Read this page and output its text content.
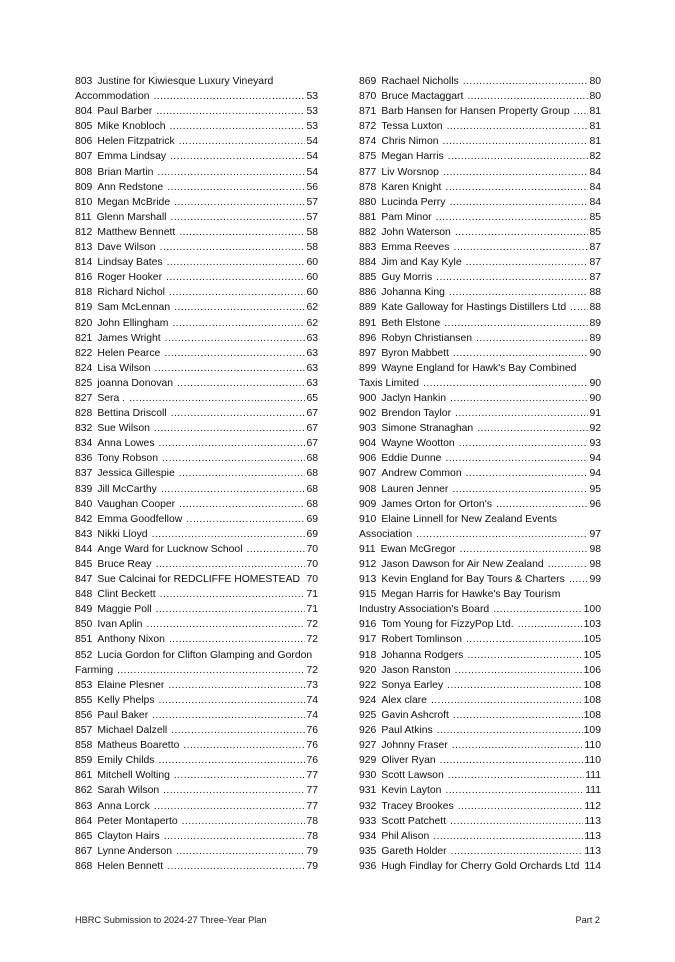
803 Justine for Kiwiesque Luxury Vineyard
Accommodation .....	53
804 Paul Barber .....	53
805 Mike Knobloch .....	53
806 Helen Fitzpatrick .....	54
807 Emma Lindsay .....	54
808 Brian Martin .....	54
809 Ann Redstone .....	56
810 Megan McBride .....	57
811 Glenn Marshall .....	57
812 Matthew Bennett .....	58
813 Dave Wilson .....	58
814 Lindsay Bates .....	60
816 Roger Hooker .....	60
818 Richard Nichol .....	60
819 Sam McLennan .....	62
820 John Ellingham .....	62
821 James Wright .....	63
822 Helen Pearce .....	63
824 Lisa Wilson .....	63
825 joanna Donovan .....	63
827 Sera . .....	65
828 Bettina Driscoll .....	67
832 Sue Wilson .....	67
834 Anna Lowes .....	67
836 Tony Robson .....	68
837 Jessica Gillespie .....	68
839 Jill McCarthy .....	68
840 Vaughan Cooper .....	68
842 Emma Goodfellow .....	69
843 Nikki Lloyd .....	69
844 Ange Ward for Lucknow School .....	70
845 Bruce Reay .....	70
847 Sue Calcinai for REDCLIFFE HOMESTEAD ..... 70
848 Clint Beckett .....	71
849 Maggie Poll .....	71
850 Ivan Aplin .....	72
851 Anthony Nixon .....	72
852 Lucia Gordon for Clifton Glamping and Gordon
Farming .....	72
853 Elaine Plesner .....	73
855 Kelly Phelps .....	74
856 Paul Baker .....	74
857 Michael Dalzell .....	76
858 Matheus Boaretto .....	76
859 Emily Childs .....	76
861 Mitchell Wolting .....	77
862 Sarah Wilson .....	77
863 Anna Lorck .....	77
864 Peter Montaperto .....	78
865 Clayton Hairs .....	78
867 Lynne Anderson .....	79
868 Helen Bennett .....	79
869 Rachael Nicholls .....	80
870 Bruce Mactaggart .....	80
871 Barb Hansen for Hansen Property Group ..... 81
872 Tessa Luxton .....	81
874 Chris Nimon .....	81
875 Megan Harris .....	82
877 Liv Worsnop .....	84
878 Karen Knight .....	84
880 Lucinda Perry .....	84
881 Pam Minor .....	85
882 John Waterson .....	85
883 Emma Reeves .....	87
884 Jim and Kay Kyle .....	87
885 Guy Morris .....	87
886 Johanna King .....	88
889 Kate Galloway for Hastings Distillers Ltd ..... 88
891 Beth Elstone .....	89
896 Robyn Christiansen .....	89
897 Byron Mabbett .....	90
899 Wayne England for Hawk's Bay Combined
Taxis Limited .....	90
900 Jaclyn Hankin .....	90
902 Brendon Taylor .....	91
903 Simone Stranaghan .....	92
904 Wayne Wootton .....	93
906 Eddie Dunne .....	94
907 Andrew Common .....	94
908 Lauren Jenner .....	95
909 James Orton for Orton's .....	96
910 Elaine Linnell for New Zealand Events
Association .....	97
911 Ewan McGregor .....	98
912 Jason Dawson for Air New Zealand .....	98
913 Kevin England for Bay Tours & Charters ..... 99
915 Megan Harris for Hawke's Bay Tourism
Industry Association's Board .....	100
916 Tom Young for FizzyPop Ltd. .....	103
917 Robert Tomlinson .....	105
918 Johanna Rodgers .....	105
920 Jason Ranston .....	106
922 Sonya Earley .....	108
924 Alex clare .....	108
925 Gavin Ashcroft .....	108
926 Paul Atkins .....	109
927 Johnny Fraser .....	110
929 Oliver Ryan .....	110
930 Scott Lawson .....	111
931 Kevin Layton .....	111
932 Tracey Brookes .....	112
933 Scott Patchett .....	113
934 Phil Alison .....	113
935 Gareth Holder .....	113
936 Hugh Findlay for Cherry Gold Orchards Ltd 114
HBRC Submission to 2024-27 Three-Year Plan	Part 2
